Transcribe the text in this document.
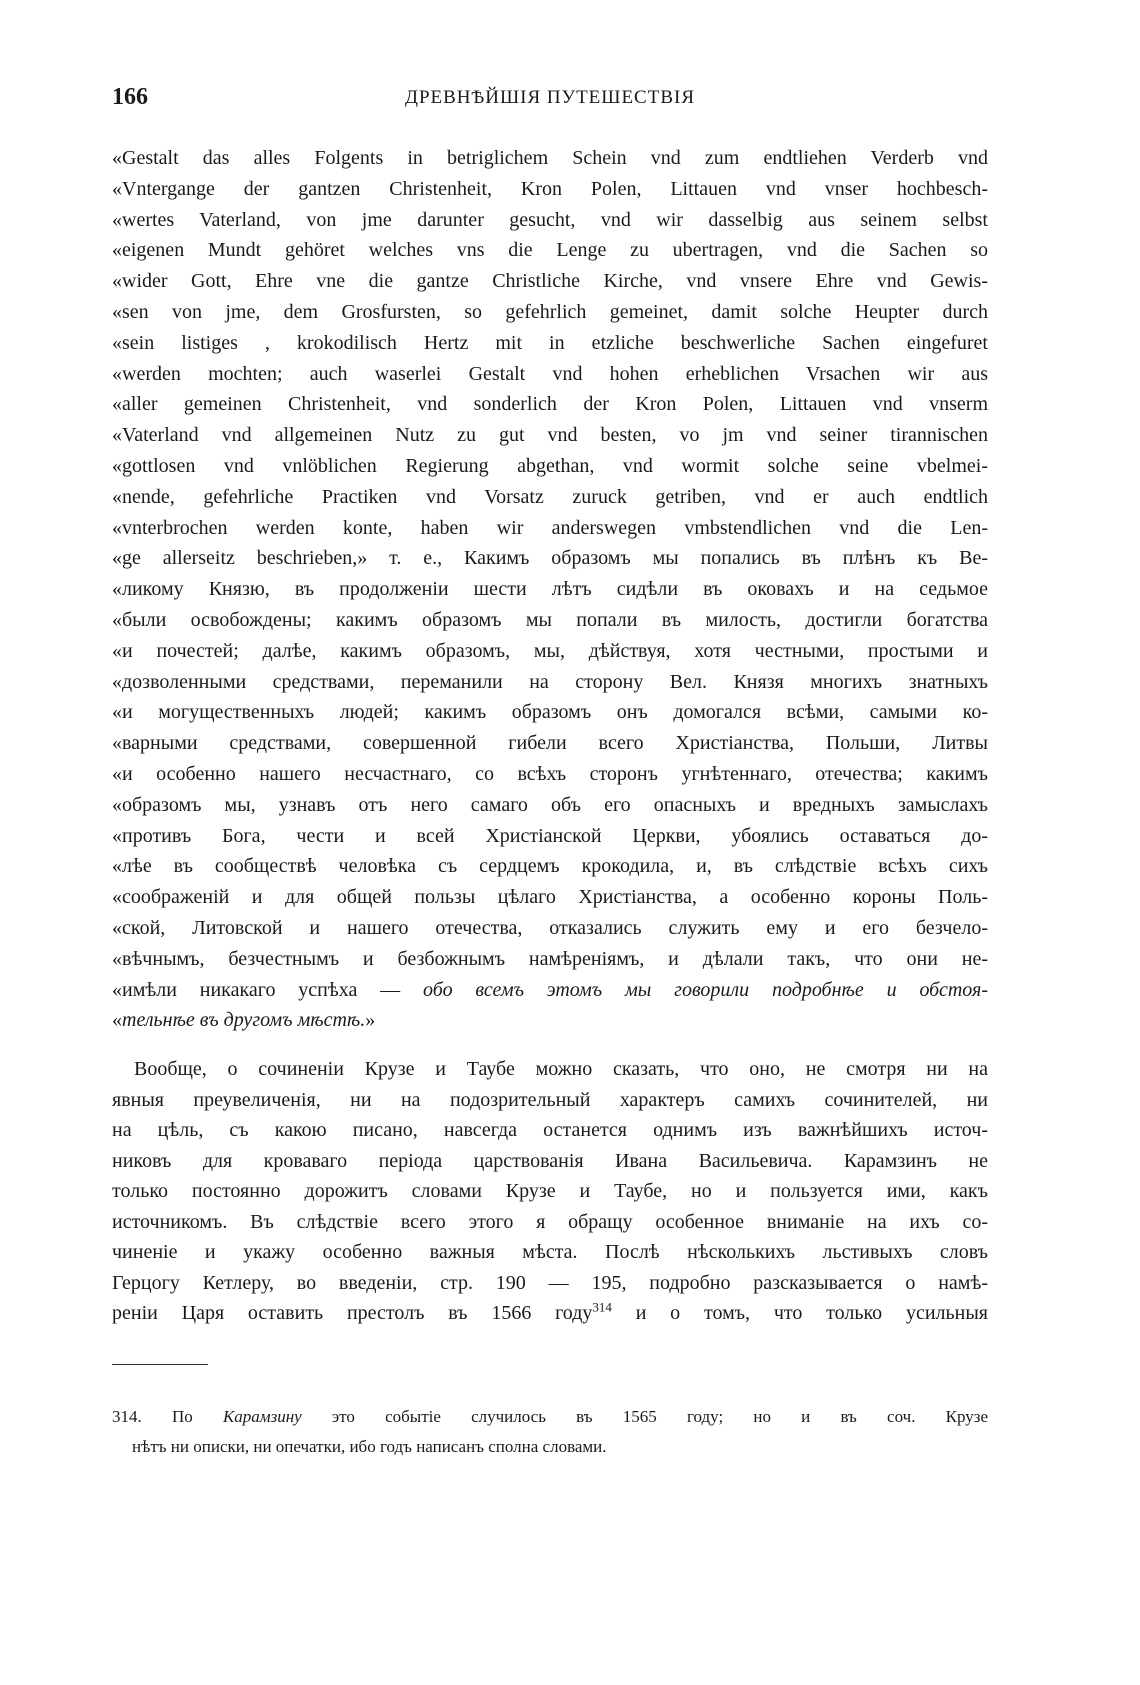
166	ДРЕВНѢЙШІЯ ПУТЕШЕСТВІЯ
«Gestalt das alles Folgents in betriglichem Schein vnd zum endtliehen Verderb vnd
«Vntergange der gantzen Christenheit, Kron Polen, Littauen vnd vnser hochbesch-
«wertes Vaterland, von jme darunter gesucht, vnd wir dasselbig aus seinem selbst
«eigenen Mundt gehöret welches vns die Lenge zu ubertragen, vnd die Sachen so
«wider Gott, Ehre vne die gantze Christliche Kirche, vnd vnsere Ehre vnd Gewis-
«sen von jme, dem Grosfursten, so gefehrlich gemeinet, damit solche Heupter durch
«sein listiges , krokodilisch Hertz mit in etzliche beschwerliche Sachen eingefuret
«werden mochten; auch waserlei Gestalt vnd hohen erheblichen Vrsachen wir aus
«aller gemeinen Christenheit, vnd sonderlich der Kron Polen, Littauen vnd vnserm
«Vaterland vnd allgemeinen Nutz zu gut vnd besten, vo jm vnd seiner tirannischen
«gottlosen vnd vnlöblichen Regierung abgethan, vnd wormit solche seine vbelmei-
«nende, gefehrliche Practiken vnd Vorsatz zuruck getriben, vnd er auch endtlich
«vnterbrochen werden konte, haben wir anderswegen vmbstendlichen vnd die Len-
«ge allerseitz beschrieben,» т. е., Какимъ образомъ мы попались въ плѣнъ къ Ве-
«ликому Князю, въ продолженіи шести лѣтъ сидѣли въ оковахъ и на седьмое
«были освобождены; какимъ образомъ мы попали въ милость, достигли богатства
«и почестей; далѣе, какимъ образомъ, мы, дѣйствуя, хотя честными, простыми и
«дозволенными средствами, переманили на сторону Вел. Князя многихъ знатныхъ
«и могущественныхъ людей; какимъ образомъ онъ домогался всѣми, самыми ко-
«варными средствами, совершенной гибели всего Христіанства, Польши, Литвы
«и особенно нашего несчастнаго, со всѣхъ сторонъ угнѣтеннаго, отечества; какимъ
«образомъ мы, узнавъ отъ него самаго объ его опасныхъ и вредныхъ замыслахъ
«противъ Бога, чести и всей Христіанской Церкви, убоялись оставаться до-
«лѣе въ сообществѣ человѣка съ сердцемъ крокодила, и, въ слѣдствіе всѣхъ сихъ
«соображеній и для общей пользы цѣлаго Христіанства, а особенно короны Поль-
«ской, Литовской и нашего отечества, отказались служить ему и его безчело-
«вѣчнымъ, безчестнымъ и безбожнымъ намѣреніямъ, и дѣлали такъ, что они не-
«имѣли никакаго успѣха — обо всемъ этомъ мы говорили подробнѣе и обстоя-
«тельнѣе въ другомъ мѣстѣ.»
Вообще, о сочиненіи Крузе и Таубе можно сказать, что оно, не смотря ни на
явныя преувеличенія, ни на подозрительный характеръ самихъ сочинителей, ни
на цѣль, съ какою писано, навсегда останется однимъ изъ важнѣйшихъ источ-
никовъ для кроваваго періода царствованія Ивана Васильевича. Карамзинъ не
только постоянно дорожитъ словами Крузе и Таубе, но и пользуется ими, какъ
источникомъ. Въ слѣдствіе всего этого я обращу особенное вниманіе на ихъ со-
чиненіе и укажу особенно важныя мѣста. Послѣ нѣсколькихъ льстивыхъ словъ
Герцогу Кетлеру, во введеніи, стр. 190 — 195, подробно разсказывается о намѣ-
реніи Царя оставить престолъ въ 1566 году$^{314}$ и о томъ, что только усильныя
314. По Карамзину это событіе случилось въ 1565 году; но и въ соч. Крузе
нѣтъ ни описки, ни опечатки, ибо годъ написанъ сполна словами.
